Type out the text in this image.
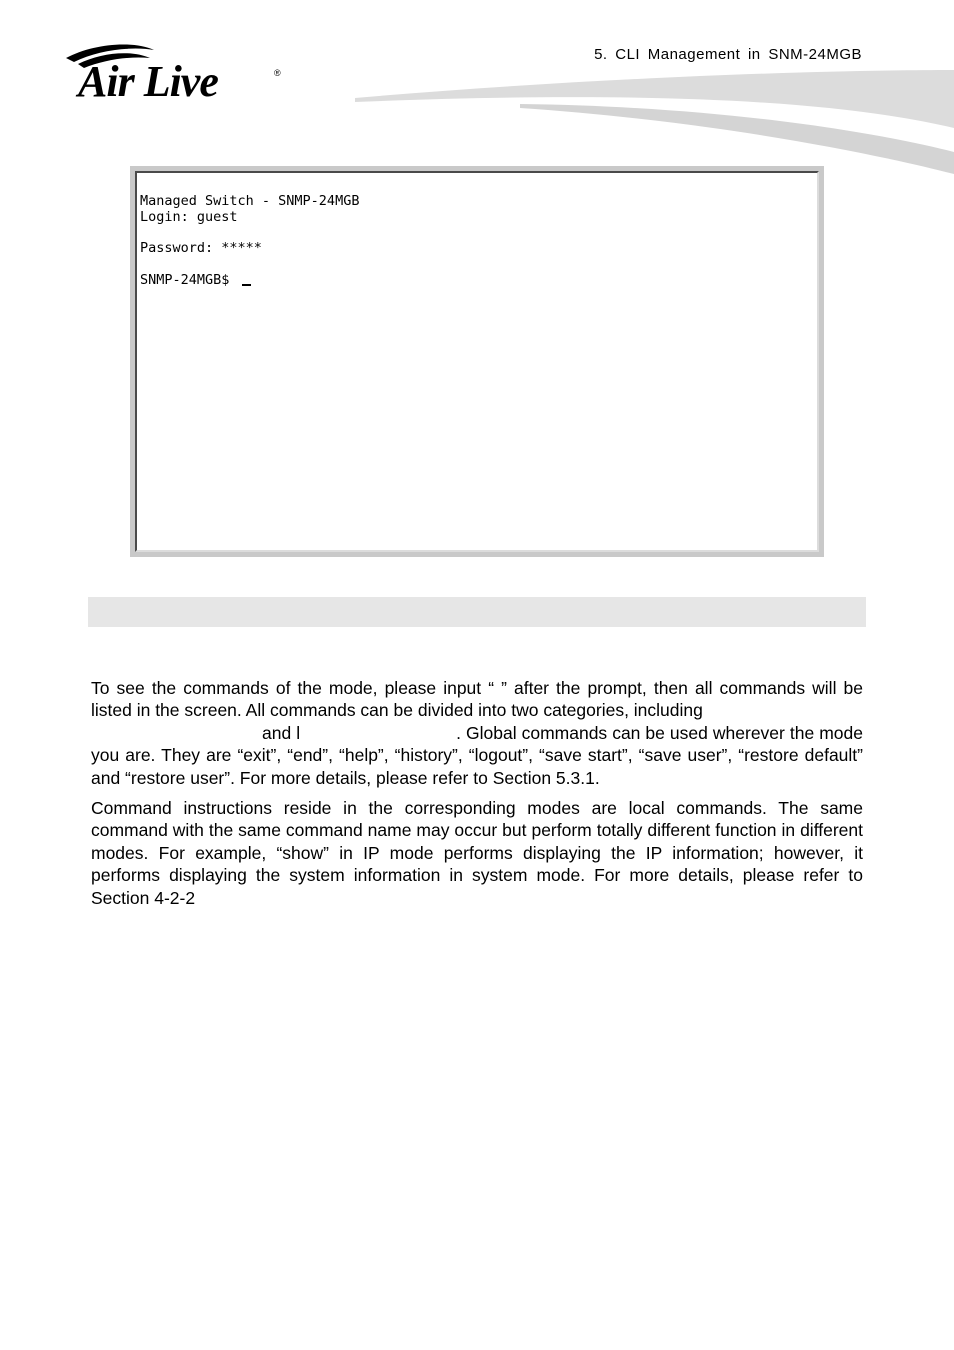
Air Live	®
5. CLI Management in SNM-24MGB
Managed Switch - SNMP-24MGB
Login: guest
Password: *****
SNMP-24MGB$

To see the commands of the mode, please input “ ” after the prompt, then all commands will be listed in the screen. All commands can be divided into two categories, including
and l	. Global commands can be used wherever the mode you are. They are “exit”, “end”, “help”, “history”, “logout”, “save start”, “save user”, “restore default” and “restore user”. For more details, please refer to Section 5.3.1.

Command instructions reside in the corresponding modes are local commands. The same command with the same command name may occur but perform totally different function in different modes. For example, “show” in IP mode performs displaying the IP information; however, it performs displaying the system information in system mode. For more details, please refer to Section 4-2-2
